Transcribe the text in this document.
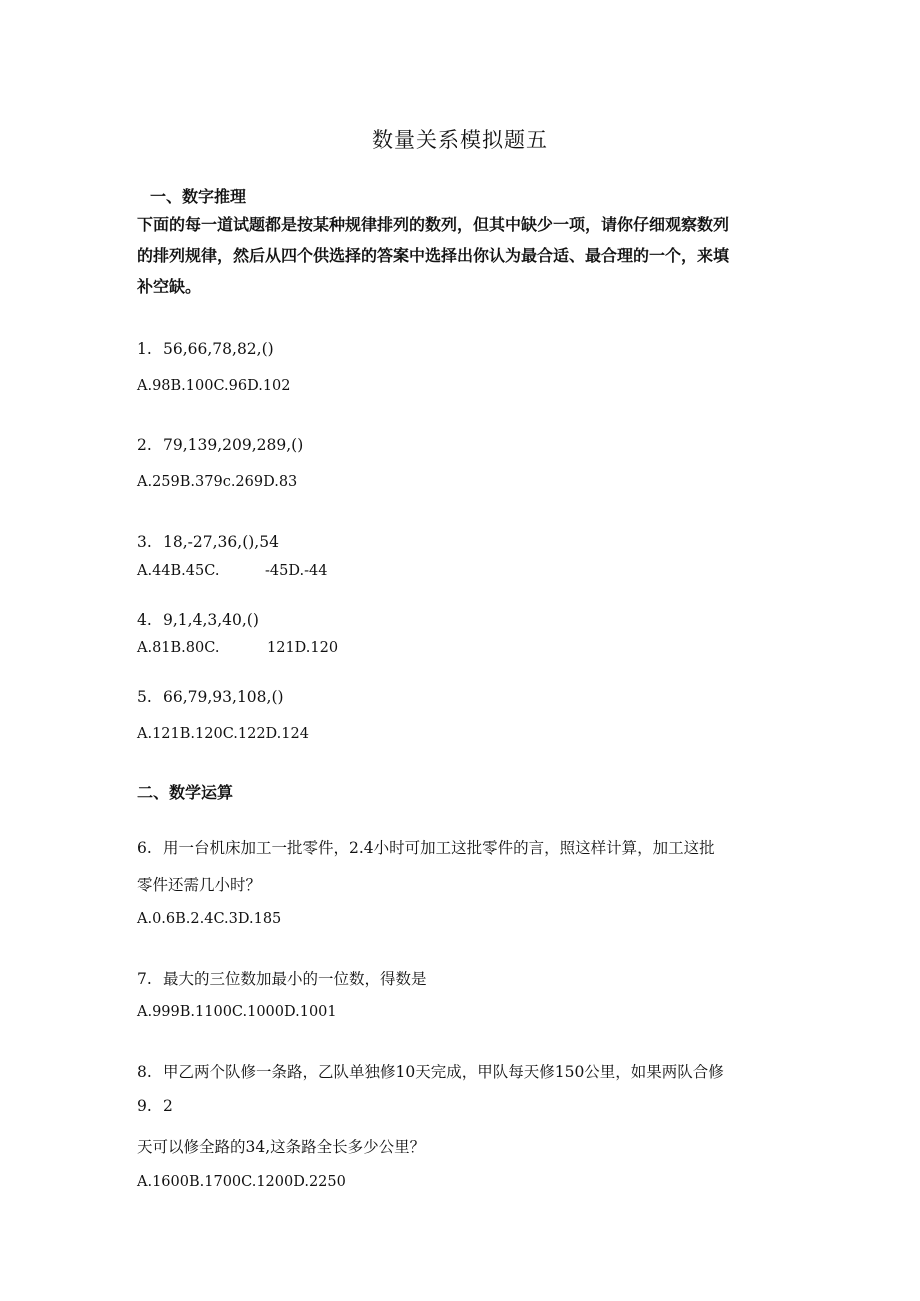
数量关系模拟题五
一、数字推理
下面的每一道试题都是按某种规律排列的数列，但其中缺少一项，请你仔细观察数列
的排列规律，然后从四个供选择的答案中选择出你认为最合适、最合理的一个，来填
补空缺。
1. 56,66,78,82,()
A.98B.100C.96D.102
2. 79,139,209,289,()
A.259B.379c.269D.83
3. 18,-27,36,(),54
A.44B.45C.	-45D.-44
4. 9,1,4,3,40,()
A.81B.80C.	121D.120
5. 66,79,93,108,()
A.121B.120C.122D.124
二、数学运算
6. 用一台机床加工一批零件，2.4小时可加工这批零件的言，照这样计算，加工这批
零件还需几小时？
A.0.6B.2.4C.3D.185
7. 最大的三位数加最小的一位数，得数是
A.999B.1100C.1000D.1001
8. 甲乙两个队修一条路，乙队单独修10天完成，甲队每天修150公里，如果两队合修
9. 2
天可以修全路的34,这条路全长多少公里？
A.1600B.1700C.1200D.2250
